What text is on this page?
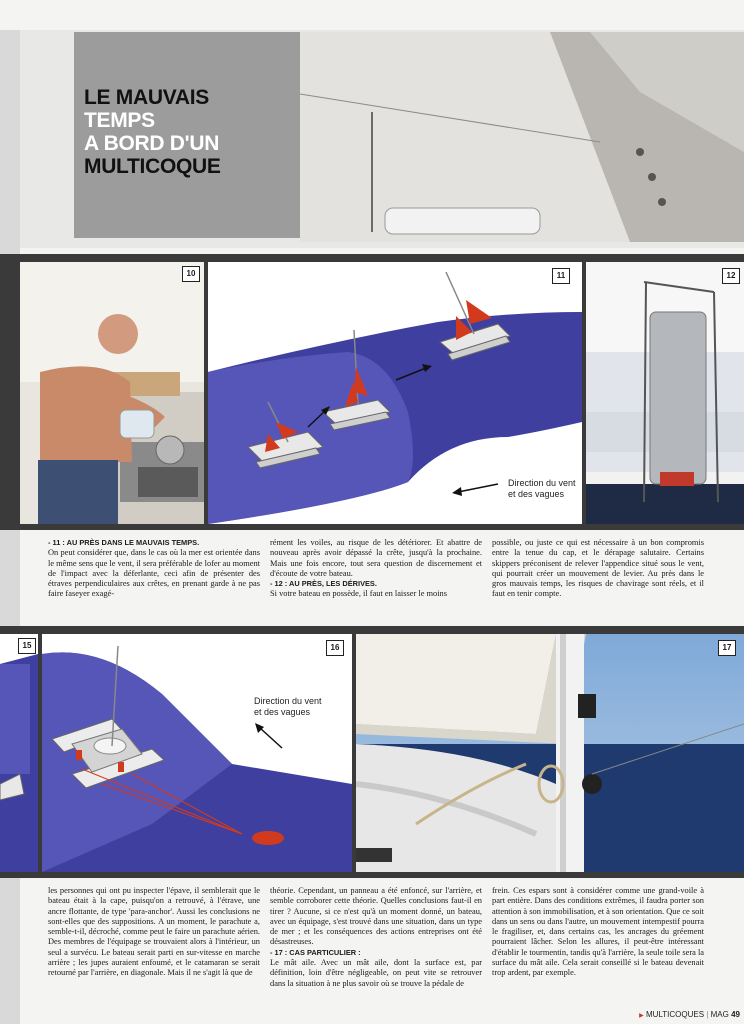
LE MAUVAIS
TEMPS
A BORD D'UN
MULTICOQUE
10	11
Direction du vent
et des vagues
12

- 11 : AU PRÈS DANS LE MAUVAIS TEMPS.
On peut considérer que, dans le cas où la mer est orientée dans le même sens que le vent, il sera préférable de lofer au moment de l'impact avec la déferlante, ceci afin de présenter des étraves perpendiculaires aux crêtes, en prenant garde à ne pas faire faseyer exagé-

rément les voiles, au risque de les détériorer. Et abattre de nouveau après avoir dépassé la crête, jusqu'à la prochaine. Mais une fois encore, tout sera question de discernement et d'écoute de votre bateau.
- 12 : AU PRÈS, LES DÉRIVES.
Si votre bateau en possède, il faut en laisser le moins

possible, ou juste ce qui est nécessaire à un bon compromis entre la tenue du cap, et le dérapage salutaire. Certains skippers préconisent de relever l'appendice situé sous le vent, qui pourrait créer un mouvement de levier. Au près dans le gros mauvais temps, les risques de chavirage sont réels, et il faut en tenir compte.

15	16
Direction du vent
et des vagues
17

les personnes qui ont pu inspecter l'épave, il semblerait que le bateau était à la cape, puisqu'on a retrouvé, à l'étrave, une ancre flottante, de type 'para-anchor'. Aussi les conclusions ne sont-elles que des suppositions. A un moment, le parachute a, semble-t-il, décroché, comme peut le faire un parachute aérien. Des membres de l'équipage se trouvaient alors à l'intérieur, un seul a survécu. Le bateau serait parti en sur-vitesse en marche arrière ; les jupes auraient enfoumé, et le catamaran se serait retourné par l'arrière, en diagonale. Mais il ne s'agit là que de

théorie. Cependant, un panneau a été enfoncé, sur l'arrière, et semble corroborer cette théorie. Quelles conclusions faut-il en tirer ? Aucune, si ce n'est qu'à un moment donné, un bateau, avec un équipage, s'est trouvé dans une situation, dans un type de mer ; et les conséquences des actions entreprises ont été désastreuses.
- 17 : CAS PARTICULIER :
Le mât aile. Avec un mât aile, dont la surface est, par définition, loin d'être négligeable, on peut vite se retrouver dans la situation à ne plus savoir où se trouve la pédale de

frein. Ces espars sont à considérer comme une grand-voile à part entière. Dans des conditions extrêmes, il faudra porter son attention à son immobilisation, et à son orientation. Que ce soit dans un sens ou dans l'autre, un mouvement intempestif pourra le fragiliser, et, dans certains cas, les ancrages du gréement pourraient lâcher. Selon les allures, il peut-être intéressant d'établir le tourmentin, tandis qu'à l'arrière, la seule toile sera la surface du mât aile. Cela serait conseillé si le bateau devenait trop ardent, par exemple.

▶ MULTICOQUES | MAG 49
